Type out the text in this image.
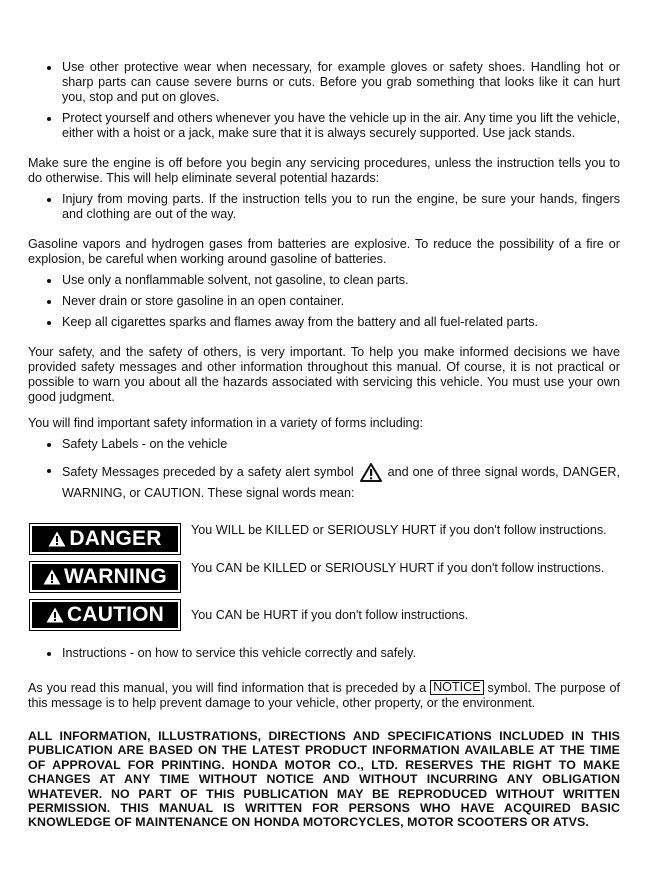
Use other protective wear when necessary, for example gloves or safety shoes. Handling hot or sharp parts can cause severe burns or cuts. Before you grab something that looks like it can hurt you, stop and put on gloves.
Protect yourself and others whenever you have the vehicle up in the air. Any time you lift the vehicle, either with a hoist or a jack, make sure that it is always securely supported. Use jack stands.

Make sure the engine is off before you begin any servicing procedures, unless the instruction tells you to do otherwise. This will help eliminate several potential hazards:

Injury from moving parts. If the instruction tells you to run the engine, be sure your hands, fingers and clothing are out of the way.

Gasoline vapors and hydrogen gases from batteries are explosive. To reduce the possibility of a fire or explosion, be careful when working around gasoline of batteries.

Use only a nonflammable solvent, not gasoline, to clean parts.
Never drain or store gasoline in an open container.
Keep all cigarettes sparks and flames away from the battery and all fuel-related parts.

Your safety, and the safety of others, is very important. To help you make informed decisions we have provided safety messages and other information throughout this manual. Of course, it is not practical or possible to warn you about all the hazards associated with servicing this vehicle. You must use your own good judgment.

You will find important safety information in a variety of forms including:

Safety Labels - on the vehicle
Safety Messages preceded by a safety alert symbol	and one of three signal words, DANGER, WARNING, or CAUTION. These signal words mean:
DANGER You WILL be KILLED or SERIOUSLY HURT if you don't follow instructions.
WARNING You CAN be KILLED or SERIOUSLY HURT if you don't follow instructions.
CAUTION You CAN be HURT if you don't follow instructions.
Instructions - on how to service this vehicle correctly and safely.

As you read this manual, you will find information that is preceded by a NOTICE symbol. The purpose of this message is to help prevent damage to your vehicle, other property, or the environment.

ALL INFORMATION, ILLUSTRATIONS, DIRECTIONS AND SPECIFICATIONS INCLUDED IN THIS PUBLICATION ARE BASED ON THE LATEST PRODUCT INFORMATION AVAILABLE AT THE TIME OF APPROVAL FOR PRINTING. HONDA MOTOR CO., LTD. RESERVES THE RIGHT TO MAKE CHANGES AT ANY TIME WITHOUT NOTICE AND WITHOUT INCURRING ANY OBLIGATION WHATEVER. NO PART OF THIS PUBLICATION MAY BE REPRODUCED WITHOUT WRITTEN PERMISSION. THIS MANUAL IS WRITTEN FOR PERSONS WHO HAVE ACQUIRED BASIC KNOWLEDGE OF MAINTENANCE ON HONDA MOTORCYCLES, MOTOR SCOOTERS OR ATVS.
